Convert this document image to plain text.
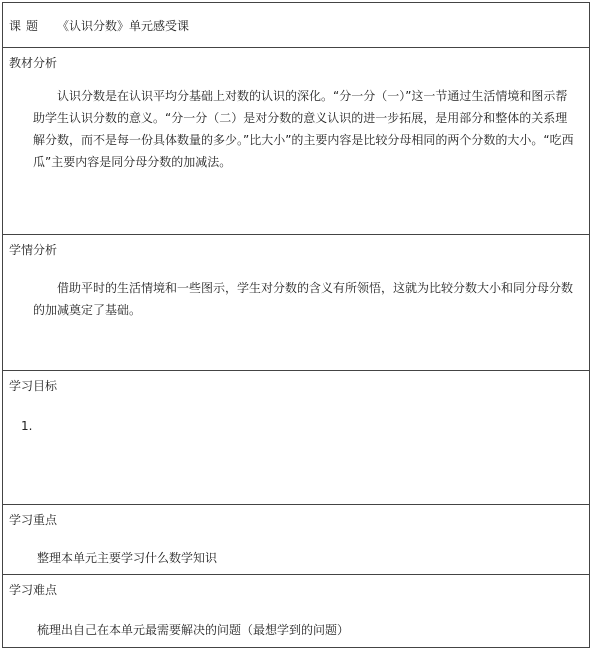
课题 《认识分数》单元感受课
教材分析
认识分数是在认识平均分基础上对数的认识的深化。“分一分（一）”这一节通过生活情境和图示帮助学生认识分数的意义。“分一分（二）是对分数的意义认识的进一步拓展，是用部分和整体的关系理解分数，而不是每一份具体数量的多少。”比大小”的主要内容是比较分母相同的两个分数的大小。“吃西瓜”主要内容是同分母分数的加减法。
学情分析
借助平时的生活情境和一些图示，学生对分数的含义有所领悟，这就为比较分数大小和同分母分数的加减奠定了基础。
学习目标
1.
学习重点
整理本单元主要学习什么数学知识
学习难点
梳理出自己在本单元最需要解决的问题（最想学到的问题）
